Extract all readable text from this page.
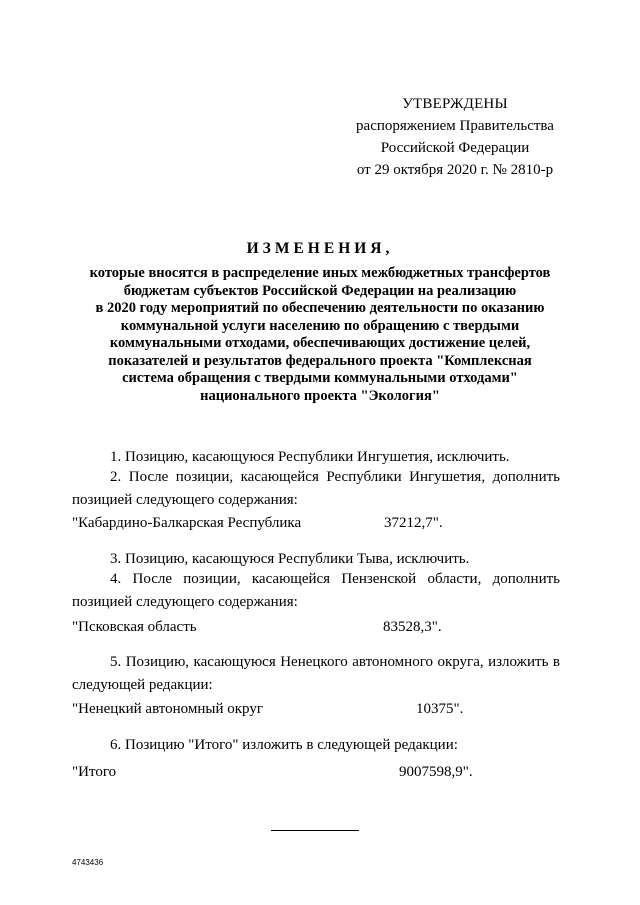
УТВЕРЖДЕНЫ
распоряжением Правительства
Российской Федерации
от 29 октября 2020 г. № 2810-р
ИЗМЕНЕНИЯ,
которые вносятся в распределение иных межбюджетных трансфертов
бюджетам субъектов Российской Федерации на реализацию
в 2020 году мероприятий по обеспечению деятельности по оказанию
коммунальной услуги населению по обращению с твердыми
коммунальными отходами, обеспечивающих достижение целей,
показателей и результатов федерального проекта "Комплексная
система обращения с твердыми коммунальными отходами"
национального проекта "Экология"
1. Позицию, касающуюся Республики Ингушетия, исключить.
2. После позиции, касающейся Республики Ингушетия, дополнить позицией следующего содержания:
"Кабардино-Балкарская Республика	37212,7".
3. Позицию, касающуюся Республики Тыва, исключить.
4. После позиции, касающейся Пензенской области, дополнить позицией следующего содержания:
"Псковская область	83528,3".
5. Позицию, касающуюся Ненецкого автономного округа, изложить в следующей редакции:
"Ненецкий автономный округ	10375".
6. Позицию "Итого" изложить в следующей редакции:
"Итого	9007598,9".
4743436
